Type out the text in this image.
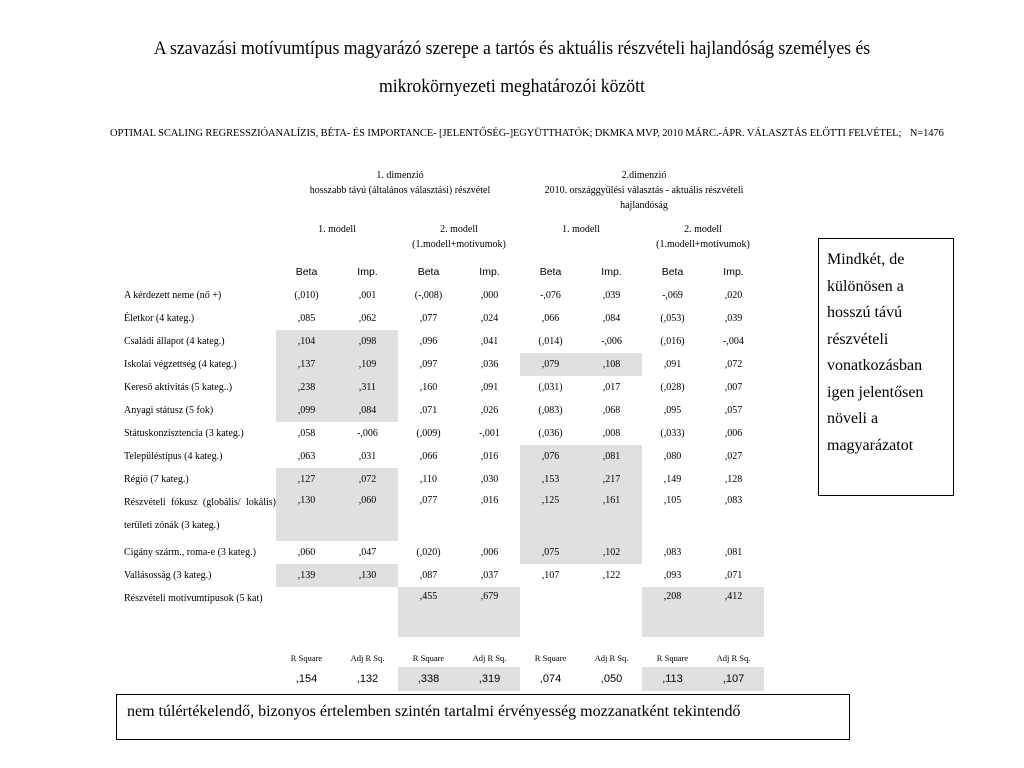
A szavazási motívumtípus magyarázó szerepe a tartós és aktuális részvételi hajlandóság személyes és
mikrokörnyezeti meghatározói között
OPTIMAL SCALING REGRESSZIÓANALÍZIS, BÉTA- ÉS IMPORTANCE- [JELENTŐSÉG-]EGYÜTTHATÓK; DKMKA MVP, 2010 MÁRC.-ÁPR. VÁLASZTÁS ELŐTTI FELVÉTEL; N=1476
1. dimenzió
hosszabb távú (általános választási) részvétel
2.dimenzió
2010. országgyűlési választás - aktuális részvételi hajlandóság
1. modell	2. modell
(1.modell+motívumok)
1. modell	2. modell
(1.modell+motívumok)
	Beta	Imp.	Beta	Imp.	Beta	Imp.	Beta	Imp.
A kérdezett neme (nő +)	(,010)	,001	(-,008)	,000	-,076	,039	-,069	,020
Életkor (4 kateg.)	,085	,062	,077	,024	,066	,084	(,053)	,039
Családi állapot (4 kateg.)	,104	,098	,096	,041	(,014)	-,006	(,016)	-,004
Iskolai végzettség (4 kateg.)	,137	,109	,097	,036	,079	,108	,091	,072
Kereső aktivitás (5 kateg..)	,238	,311	,160	,091	(,031)	,017	(,028)	,007
Anyagi státusz (5 fok)	,099	,084	,071	,026	(,083)	,068	,095	,057
Státuskonzisztencia (3 kateg.)	,058	-,006	(,009)	-,001	(,036)	,008	(,033)	,006
Településtípus (4 kateg.)	,063	,031	,066	,016	,076	,081	,080	,027
Régió (7 kateg.)	,127	,072	,110	,030	,153	,217	,149	,128
Részvételi fókusz (globális/ lokális) területi zónák (3 kateg.)	,130	,060	,077	,016	,125	,161	,105	,083
Cigány szárm., roma-e (3 kateg.)	,060	,047	(,020)	,006	,075	,102	,083	,081
Vallásosság (3 kateg.)	,139	,130	,087	,037	,107	,122	,093	,071
Részvételi motívumtípusok (5 kat)			,455	,679			,208	,412
	R Square	Adj R Sq.	R Square	Adj R Sq.	R Square	Adj R Sq.	R Square	Adj R Sq.
	,154	,132	,338	,319	,074	,050	,113	,107
Mindkét, de különösen a hosszú távú részvételi vonatkozásban igen jelentősen növeli a magyarázatot
nem túlértékelendő, bizonyos értelemben szintén tartalmi érvényesség mozzanatként tekintendő
